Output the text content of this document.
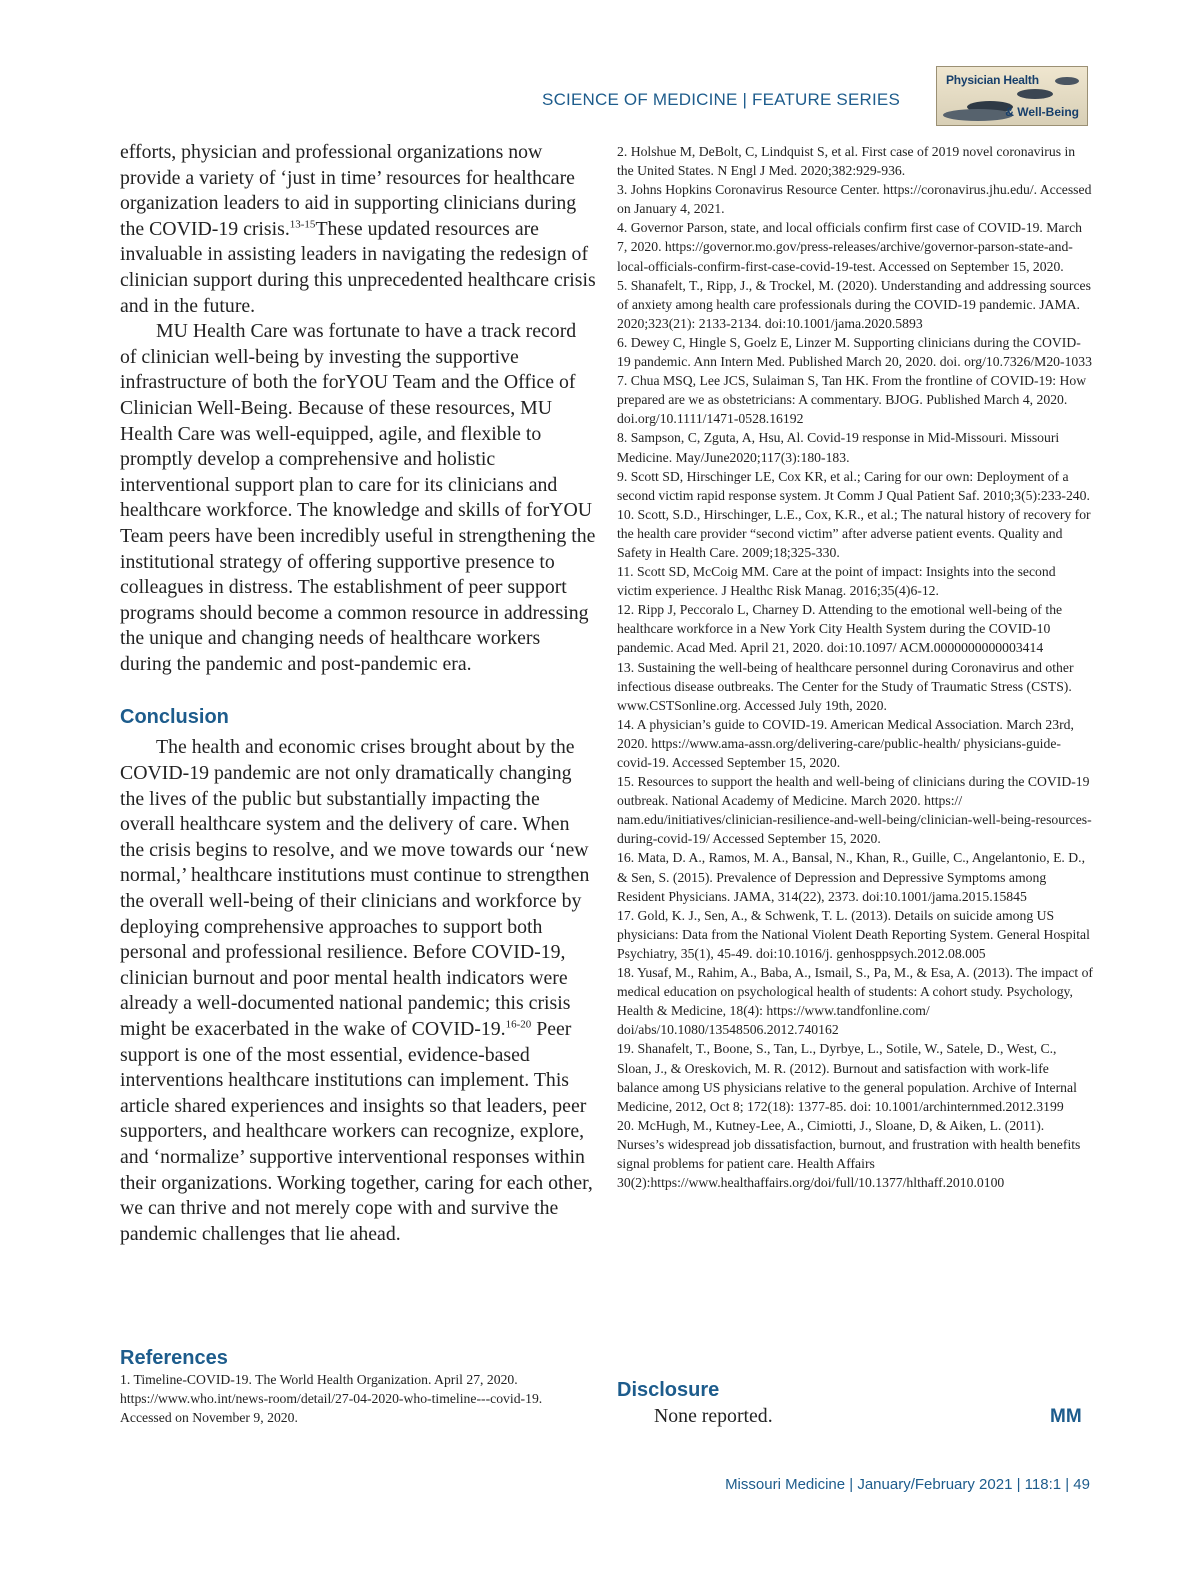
SCIENCE OF MEDICINE | FEATURE SERIES
Physician Health
& Well-Being

efforts, physician and professional organizations now provide a variety of ‘just in time’ resources for healthcare organization leaders to aid in supporting clinicians during the COVID-19 crisis.$^{13-15}$These updated resources are invaluable in assisting leaders in navigating the redesign of clinician support during this unprecedented healthcare crisis and in the future.

MU Health Care was fortunate to have a track record of clinician well-being by investing the supportive infrastructure of both the forYOU Team and the Office of Clinician Well-Being. Because of these resources, MU Health Care was well-equipped, agile, and flexible to promptly develop a comprehensive and holistic interventional support plan to care for its clinicians and healthcare workforce. The knowledge and skills of forYOU Team peers have been incredibly useful in strengthening the institutional strategy of offering supportive presence to colleagues in distress. The establishment of peer support programs should become a common resource in addressing the unique and changing needs of healthcare workers during the pandemic and post-pandemic era.

Conclusion

The health and economic crises brought about by the COVID-19 pandemic are not only dramatically changing the lives of the public but substantially impacting the overall healthcare system and the delivery of care. When the crisis begins to resolve, and we move towards our ‘new normal,’ healthcare institutions must continue to strengthen the overall well-being of their clinicians and workforce by deploying comprehensive approaches to support both personal and professional resilience. Before COVID-19, clinician burnout and poor mental health indicators were already a well-documented national pandemic; this crisis might be exacerbated in the wake of COVID-19.$^{16-20}$ Peer support is one of the most essential, evidence-based interventions healthcare institutions can implement. This article shared experiences and insights so that leaders, peer supporters, and healthcare workers can recognize, explore, and ‘normalize’ supportive interventional responses within their organizations. Working together, caring for each other, we can thrive and not merely cope with and survive the pandemic challenges that lie ahead.

References

1. Timeline-COVID-19. The World Health Organization. April 27, 2020. https://www.who.int/news-room/detail/27-04-2020-who-timeline---covid-19. Accessed on November 9, 2020.

2. Holshue M, DeBolt, C, Lindquist S, et al. First case of 2019 novel coronavirus in the United States. N Engl J Med. 2020;382:929-936.

3. Johns Hopkins Coronavirus Resource Center. https://coronavirus.jhu.edu/. Accessed on January 4, 2021.

4. Governor Parson, state, and local officials confirm first case of COVID-19. March 7, 2020. https://governor.mo.gov/press-releases/archive/governor-parson-state-and-local-officials-confirm-first-case-covid-19-test. Accessed on September 15, 2020.

5. Shanafelt, T., Ripp, J., & Trockel, M. (2020). Understanding and addressing sources of anxiety among health care professionals during the COVID-19 pandemic. JAMA. 2020;323(21): 2133-2134. doi:10.1001/jama.2020.5893

6. Dewey C, Hingle S, Goelz E, Linzer M. Supporting clinicians during the COVID-19 pandemic. Ann Intern Med. Published March 20, 2020. doi. org/10.7326/M20-1033

7. Chua MSQ, Lee JCS, Sulaiman S, Tan HK. From the frontline of COVID-19: How prepared are we as obstetricians: A commentary. BJOG. Published March 4, 2020. doi.org/10.1111/1471-0528.16192

8. Sampson, C, Zguta, A, Hsu, Al. Covid-19 response in Mid-Missouri. Missouri Medicine. May/June2020;117(3):180-183.

9. Scott SD, Hirschinger LE, Cox KR, et al.; Caring for our own: Deployment of a second victim rapid response system. Jt Comm J Qual Patient Saf. 2010;3(5):233-240.

10. Scott, S.D., Hirschinger, L.E., Cox, K.R., et al.; The natural history of recovery for the health care provider “second victim” after adverse patient events. Quality and Safety in Health Care. 2009;18;325-330.

11. Scott SD, McCoig MM. Care at the point of impact: Insights into the second victim experience. J Healthc Risk Manag. 2016;35(4)6-12.

12. Ripp J, Peccoralo L, Charney D. Attending to the emotional well-being of the healthcare workforce in a New York City Health System during the COVID-10 pandemic. Acad Med. April 21, 2020. doi:10.1097/ ACM.0000000000003414

13. Sustaining the well-being of healthcare personnel during Coronavirus and other infectious disease outbreaks. The Center for the Study of Traumatic Stress (CSTS). www.CSTSonline.org. Accessed July 19th, 2020.

14. A physician’s guide to COVID-19. American Medical Association. March 23rd, 2020. https://www.ama-assn.org/delivering-care/public-health/ physicians-guide-covid-19. Accessed September 15, 2020.

15. Resources to support the health and well-being of clinicians during the COVID-19 outbreak. National Academy of Medicine. March 2020. https:// nam.edu/initiatives/clinician-resilience-and-well-being/clinician-well-being-resources-during-covid-19/ Accessed September 15, 2020.

16. Mata, D. A., Ramos, M. A., Bansal, N., Khan, R., Guille, C., Angelantonio, E. D., & Sen, S. (2015). Prevalence of Depression and Depressive Symptoms among Resident Physicians. JAMA, 314(22), 2373. doi:10.1001/jama.2015.15845

17. Gold, K. J., Sen, A., & Schwenk, T. L. (2013). Details on suicide among US physicians: Data from the National Violent Death Reporting System. General Hospital Psychiatry, 35(1), 45-49. doi:10.1016/j. genhosppsych.2012.08.005

18. Yusaf, M., Rahim, A., Baba, A., Ismail, S., Pa, M., & Esa, A. (2013). The impact of medical education on psychological health of students: A cohort study. Psychology, Health & Medicine, 18(4): https://www.tandfonline.com/ doi/abs/10.1080/13548506.2012.740162

19. Shanafelt, T., Boone, S., Tan, L., Dyrbye, L., Sotile, W., Satele, D., West, C., Sloan, J., & Oreskovich, M. R. (2012). Burnout and satisfaction with work-life balance among US physicians relative to the general population. Archive of Internal Medicine, 2012, Oct 8; 172(18): 1377-85. doi: 10.1001/archinternmed.2012.3199

20. McHugh, M., Kutney-Lee, A., Cimiotti, J., Sloane, D, & Aiken, L. (2011). Nurses’s widespread job dissatisfaction, burnout, and frustration with health benefits signal problems for patient care. Health Affairs 30(2):https://www.healthaffairs.org/doi/full/10.1377/hlthaff.2010.0100

Disclosure
None reported.	MM
Missouri Medicine | January/February 2021 | 118:1 | 49
